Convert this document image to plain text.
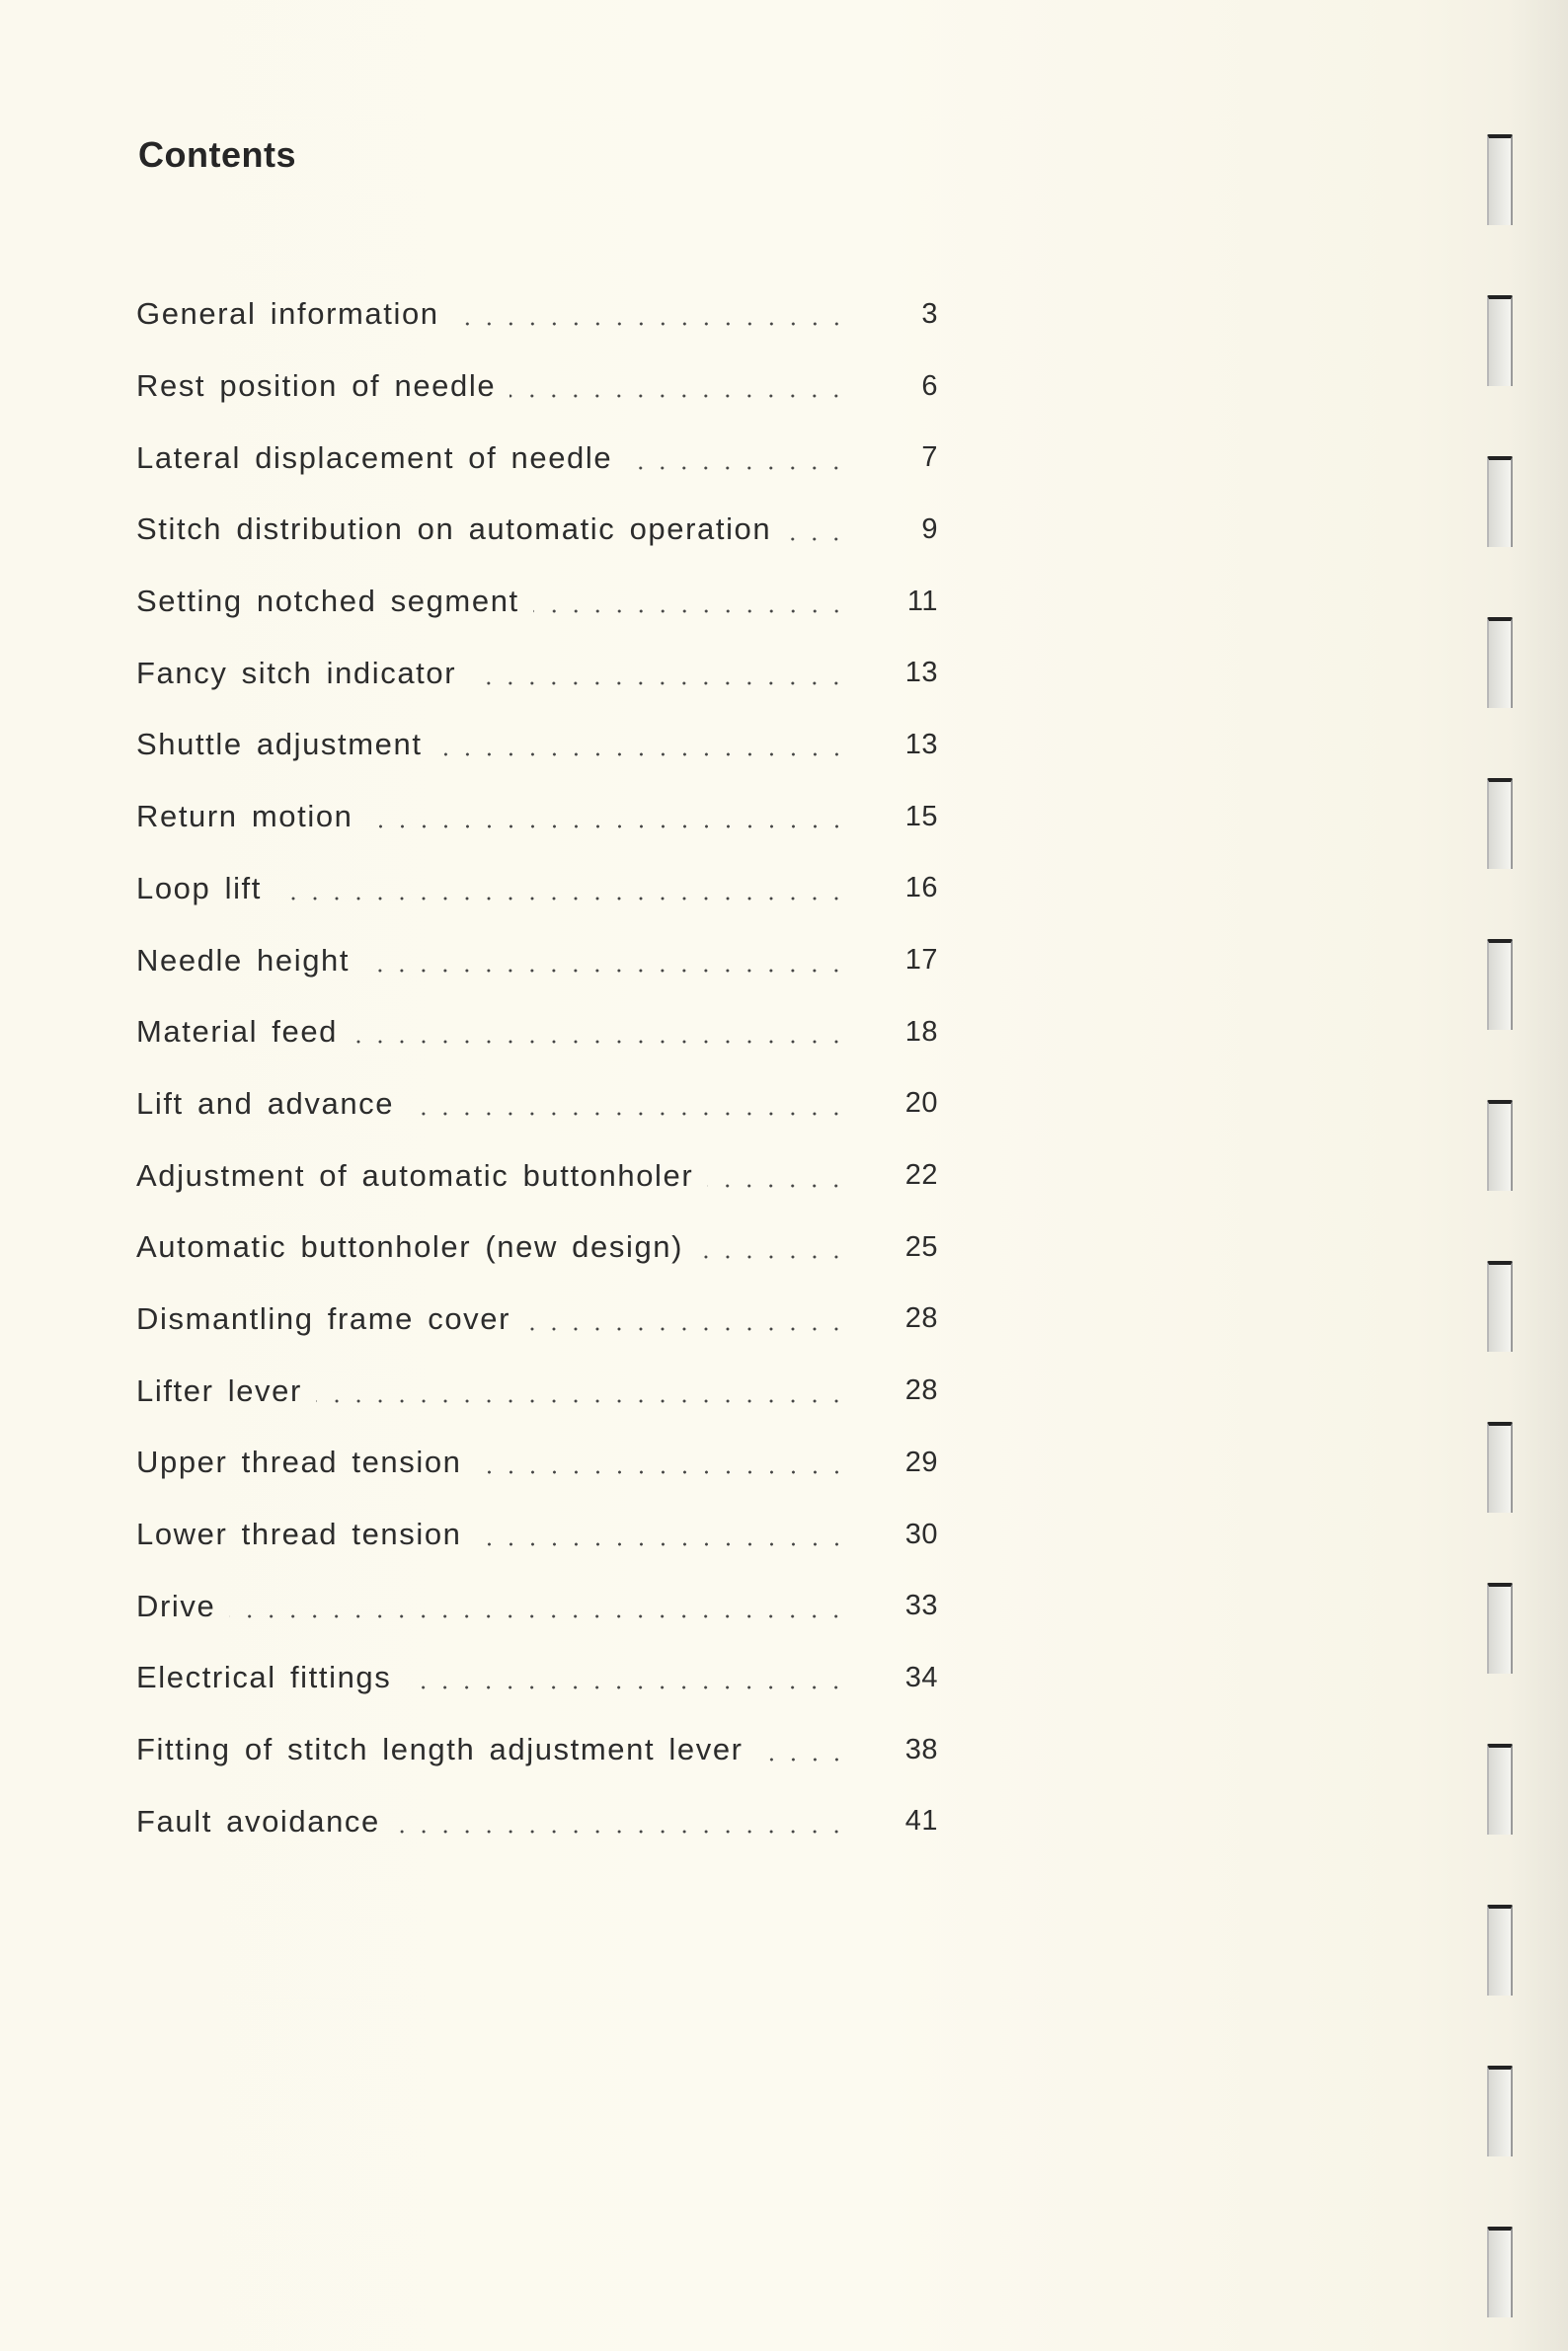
Contents
General information	3
Rest position of needle	6
Lateral displacement of needle	7
Stitch distribution on automatic operation	9
Setting notched segment	11
Fancy sitch indicator	13
Shuttle adjustment	13
Return motion	15
Loop lift	16
Needle height	17
Material feed	18
Lift and advance	20
Adjustment of automatic buttonholer	22
Automatic buttonholer (new design)	25
Dismantling frame cover	28
Lifter lever	28
Upper thread tension	29
Lower thread tension	30
Drive	33
Electrical fittings	34
Fitting of stitch length adjustment lever	38
Fault avoidance	41
